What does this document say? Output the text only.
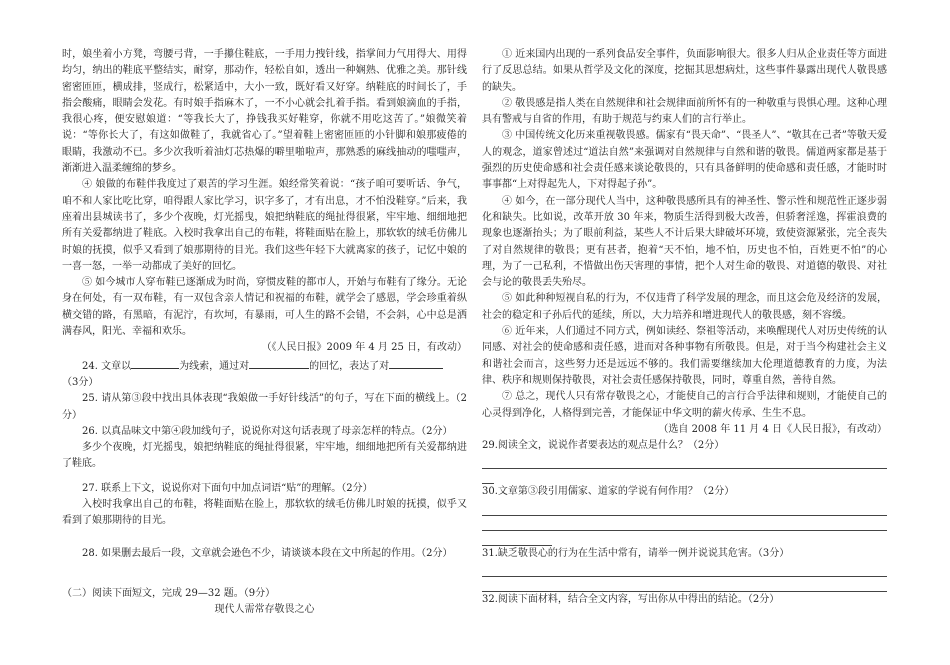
时，娘坐着小方凳，弯腰弓背，一手攥住鞋底，一手用力拽针线，指掌间力气用得大、用得均匀，纳出的鞋底平整结实，耐穿，那动作，轻松自如，透出一种娴熟、优雅之美。那针线密密匝匝，横成排，竖成行，松紧适中，大小一致，既好看又好穿。纳鞋底的时间长了，手指会酸痛，眼睛会发花。有时娘手指麻木了，一不小心就会扎着手指。看到娘滴血的手指，我很心疼，便安慰娘道：“等我长大了，挣钱我买好鞋穿，你就不用吃这苦了。”娘微笑着说：“等你长大了，有这如做鞋了，我就省心了。”望着鞋上密密匝匝的小针脚和娘那疲倦的眼睛，我激动不已。多少次我听着油灯芯热爆的噼里啪啦声，那熟悉的麻线抽动的嗤嗤声，渐渐进入温柔缠绵的梦乡。

④ 娘做的布鞋伴我度过了艰苦的学习生涯。娘经常笑着说：“孩子咱可要听话、争气，咱不和人家比吃比穿，咱得跟人家比学习，识字多了，才有出息，才不怕没鞋穿。”后来，我座着出县城读书了，多少个夜晚，灯光摇曳，娘把纳鞋底的绳扯得很紧，牢牢地、细细地把所有关爱都纳进了鞋底。入校时我拿出自己的布鞋，将鞋面贴在脸上，那软软的绒毛仿佛儿时娘的抚摸，似乎又看到了娘那期待的目光。我们这些年轻下大就离家的孩子，记忆中娘的一喜一怒，一举一动都成了美好的回忆。

⑤ 如今城市人穿布鞋已逐渐成为时尚，穿惯皮鞋的都市人，开始与布鞋有了缘分。无论身在何处，有一双布鞋，有一双包含亲人情记和祝福的布鞋，就学会了感恩，学会珍重着纵横交错的路，有黑暗，有泥泞，有坎坷，有暴雨，可人生的路不会错，不会斜，心中总是洒满春风，阳光、幸福和欢乐。

（《人民日报》2009 年 4 月 25 日，有改动）

24. 文章以	为线索，通过对	的回忆，表达了对
（3分）

25. 请从第③段中找出具体表现“我娘做一手好针线活”的句子，写在下面的横线上。（2分）

26. 以真品味文中第④段加线句子，说说你对这句话表现了母亲怎样的特点。（2分）

多少个夜晚，灯光摇曳，娘把纳鞋底的绳扯得很紧，牢牢地，细细地把所有关爱都纳进了鞋底。

27. 联系上下文，说说你对下面句中加点词语“贴”的理解。（2分）

入校时我拿出自己的布鞋，将鞋面贴在脸上，那软软的绒毛仿佛儿时娘的抚摸，似乎又看到了娘那期待的目光。

28. 如果删去最后一段，文章就会逊色不少，请谈谈本段在文中所起的作用。（2分）

（二）阅读下面短文，完成 29—32 题。（9分）

现代人需常存敬畏之心

① 近来国内出现的一系列食品安全事件，负面影响很大。很多人归从企业责任等方面进行了反思总结。如果从哲学及文化的深度，挖掘其思想病灶，这些事件暴露出现代人敬畏感的缺失。

② 敬畏感是指人类在自然规律和社会规律面前所怀有的一种敬重与畏惧心理。这种心理具有警戒与自省的作用，有助于规范与约束人们的言行举止。

③ 中国传统文化历来重视敬畏感。儒家有“畏天命”、“畏圣人”、“敬其在己者”等敬天爱人的观念，道家曾述过“道法自然”来强调对自然规律与自然和谐的敬畏。儒道两家都是基于强烈的历史使命感和社会责任感来谈论敬畏的，只有具备鲜明的使命感和责任感，才能时时事事都“上对得起先人，下对得起子孙”。

④ 如今，在一部分现代人当中，这种敬畏感所具有的神圣性、警示性和规范性正逐步弱化和缺失。比如说，改革开放 30 年来，物质生活得到极大改善，但骄奢淫逸，挥霍浪费的现象也逐渐抬头；为了眼前利益，某些人不计后果大肆破坏环境，致使资源紧张，完全丧失了对自然规律的敬畏；更有甚者，抱着“天不怕，地不怕，历史也不怕，百姓更不怕”的心理，为了一己私利，不惜做出伤天害理的事情，把个人对生命的敬畏、对道德的敬畏、对社会与论的敬畏丢失殆尽。

⑤ 如此种种短视自私的行为，不仅违背了科学发展的理念，而且这会危及经济的发展，社会的稳定和子孙后代的延续，所以，大力培养和增进现代人的敬畏感，刻不容缓。

⑥ 近年来，人们通过不同方式，例如读经、祭祖等活动，来唤醒现代人对历史传统的认同感、对社会的使命感和责任感，进而对各种事物有所敬畏。但是，对于当今构建社会主义和谐社会而言，这些努力还是远远不够的。我们需要继续加大伦理道德教育的力度，为法律、秩序和规则保持敬畏，对社会责任感保持敬畏，同时，尊重自然，善待自然。

⑦ 总之，现代人只有常存敬畏之心，才能使自己的言行合乎法律和规则，才能使自己的心灵得到净化，人格得到完善，才能保证中华文明的薪火传承、生生不息。

（选自 2008 年 11 月 4 日《人民日报》，有改动）

29.阅读全文，说说作者要表达的观点是什么？（2分）

30.文章第③段引用儒家、道家的学说有何作用？（2分）

31.缺乏敬畏心的行为在生活中常有，请举一例并说说其危害。（3分）

32.阅读下面材料，结合全文内容，写出你从中得出的结论。（2分）
